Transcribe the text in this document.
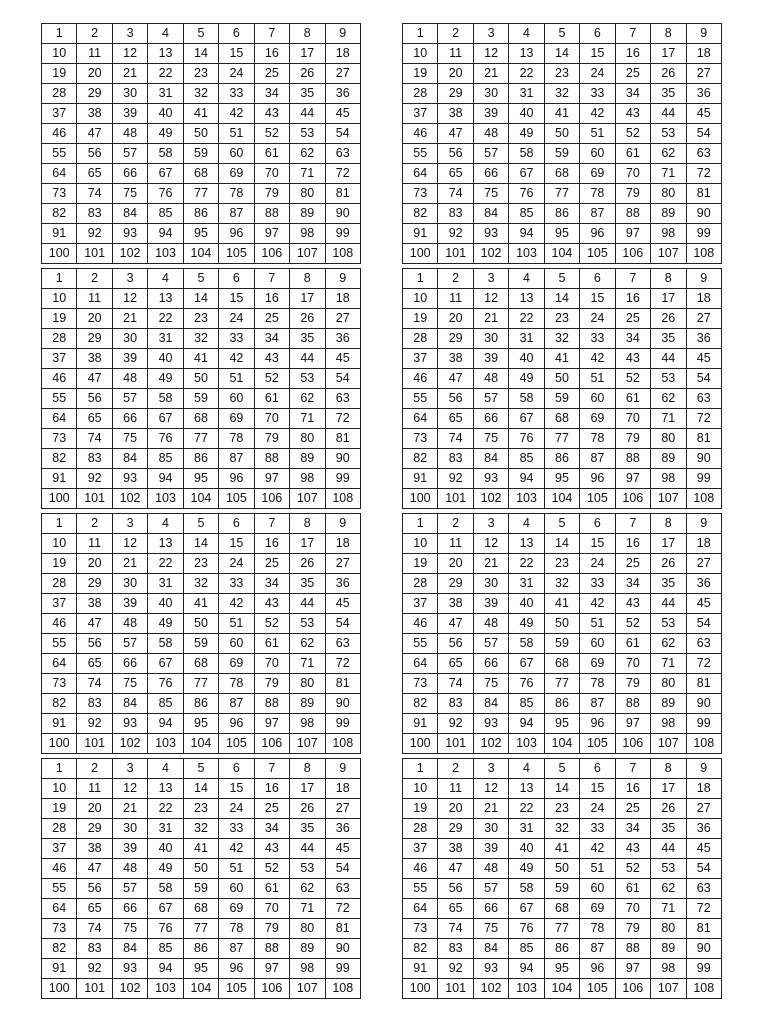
1	2	3	4	5	6	7	8	9
10	11	12	13	14	15	16	17	18
19	20	21	22	23	24	25	26	27
28	29	30	31	32	33	34	35	36
37	38	39	40	41	42	43	44	45
46	47	48	49	50	51	52	53	54
55	56	57	58	59	60	61	62	63
64	65	66	67	68	69	70	71	72
73	74	75	76	77	78	79	80	81
82	83	84	85	86	87	88	89	90
91	92	93	94	95	96	97	98	99
100	101	102	103	104	105	106	107	108
1	2	3	4	5	6	7	8	9
10	11	12	13	14	15	16	17	18
19	20	21	22	23	24	25	26	27
28	29	30	31	32	33	34	35	36
37	38	39	40	41	42	43	44	45
46	47	48	49	50	51	52	53	54
55	56	57	58	59	60	61	62	63
64	65	66	67	68	69	70	71	72
73	74	75	76	77	78	79	80	81
82	83	84	85	86	87	88	89	90
91	92	93	94	95	96	97	98	99
100	101	102	103	104	105	106	107	108
1	2	3	4	5	6	7	8	9
10	11	12	13	14	15	16	17	18
19	20	21	22	23	24	25	26	27
28	29	30	31	32	33	34	35	36
37	38	39	40	41	42	43	44	45
46	47	48	49	50	51	52	53	54
55	56	57	58	59	60	61	62	63
64	65	66	67	68	69	70	71	72
73	74	75	76	77	78	79	80	81
82	83	84	85	86	87	88	89	90
91	92	93	94	95	96	97	98	99
100	101	102	103	104	105	106	107	108
1	2	3	4	5	6	7	8	9
10	11	12	13	14	15	16	17	18
19	20	21	22	23	24	25	26	27
28	29	30	31	32	33	34	35	36
37	38	39	40	41	42	43	44	45
46	47	48	49	50	51	52	53	54
55	56	57	58	59	60	61	62	63
64	65	66	67	68	69	70	71	72
73	74	75	76	77	78	79	80	81
82	83	84	85	86	87	88	89	90
91	92	93	94	95	96	97	98	99
100	101	102	103	104	105	106	107	108
1	2	3	4	5	6	7	8	9
10	11	12	13	14	15	16	17	18
19	20	21	22	23	24	25	26	27
28	29	30	31	32	33	34	35	36
37	38	39	40	41	42	43	44	45
46	47	48	49	50	51	52	53	54
55	56	57	58	59	60	61	62	63
64	65	66	67	68	69	70	71	72
73	74	75	76	77	78	79	80	81
82	83	84	85	86	87	88	89	90
91	92	93	94	95	96	97	98	99
100	101	102	103	104	105	106	107	108
1	2	3	4	5	6	7	8	9
10	11	12	13	14	15	16	17	18
19	20	21	22	23	24	25	26	27
28	29	30	31	32	33	34	35	36
37	38	39	40	41	42	43	44	45
46	47	48	49	50	51	52	53	54
55	56	57	58	59	60	61	62	63
64	65	66	67	68	69	70	71	72
73	74	75	76	77	78	79	80	81
82	83	84	85	86	87	88	89	90
91	92	93	94	95	96	97	98	99
100	101	102	103	104	105	106	107	108
1	2	3	4	5	6	7	8	9
10	11	12	13	14	15	16	17	18
19	20	21	22	23	24	25	26	27
28	29	30	31	32	33	34	35	36
37	38	39	40	41	42	43	44	45
46	47	48	49	50	51	52	53	54
55	56	57	58	59	60	61	62	63
64	65	66	67	68	69	70	71	72
73	74	75	76	77	78	79	80	81
82	83	84	85	86	87	88	89	90
91	92	93	94	95	96	97	98	99
100	101	102	103	104	105	106	107	108
1	2	3	4	5	6	7	8	9
10	11	12	13	14	15	16	17	18
19	20	21	22	23	24	25	26	27
28	29	30	31	32	33	34	35	36
37	38	39	40	41	42	43	44	45
46	47	48	49	50	51	52	53	54
55	56	57	58	59	60	61	62	63
64	65	66	67	68	69	70	71	72
73	74	75	76	77	78	79	80	81
82	83	84	85	86	87	88	89	90
91	92	93	94	95	96	97	98	99
100	101	102	103	104	105	106	107	108
